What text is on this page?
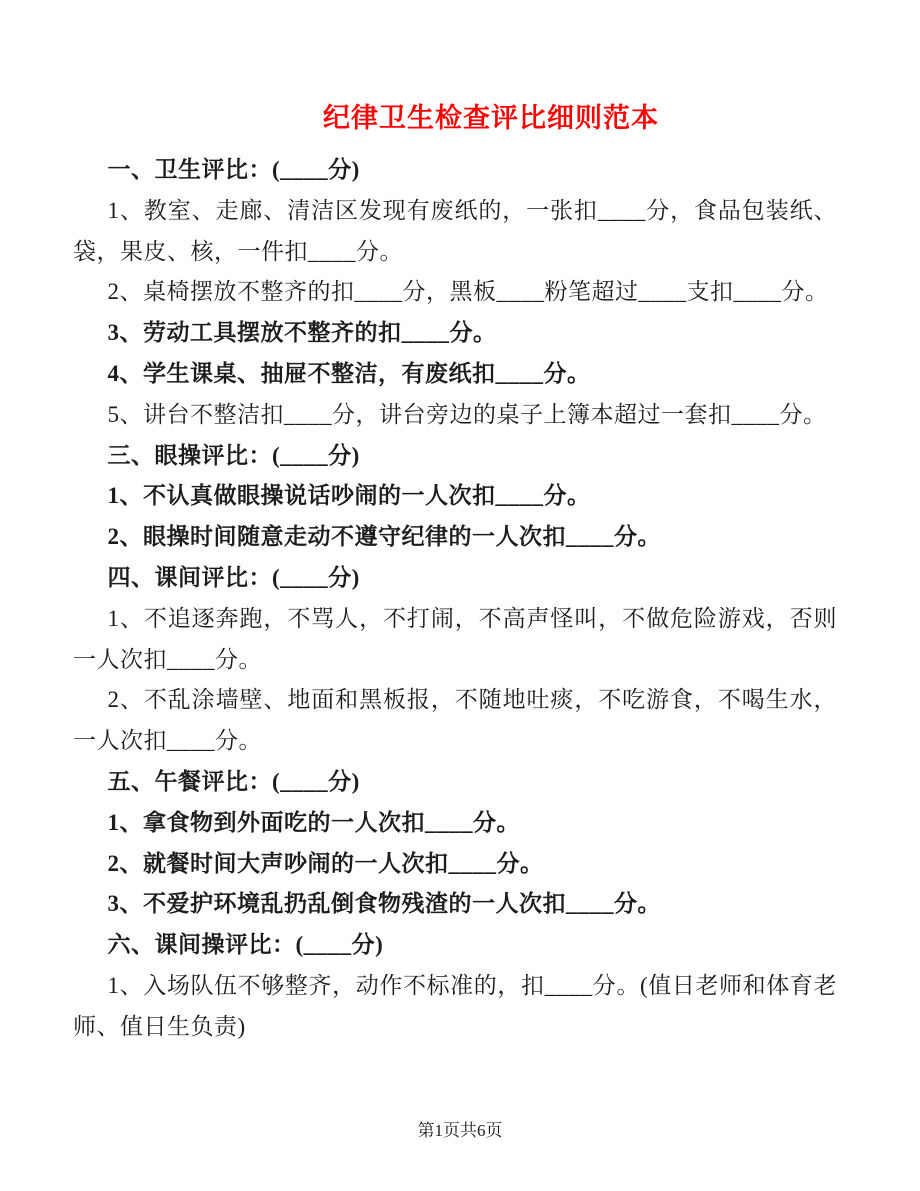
纪律卫生检查评比细则范本

一、卫生评比：(____分)

1、教室、走廊、清洁区发现有废纸的，一张扣____分，食品包装纸、袋，果皮、核，一件扣____分。

2、桌椅摆放不整齐的扣____分，黑板____粉笔超过____支扣____分。

3、劳动工具摆放不整齐的扣____分。

4、学生课桌、抽屉不整洁，有废纸扣____分。

5、讲台不整洁扣____分，讲台旁边的桌子上簿本超过一套扣____分。

三、眼操评比：(____分)

1、不认真做眼操说话吵闹的一人次扣____分。

2、眼操时间随意走动不遵守纪律的一人次扣____分。

四、课间评比：(____分)

1、不追逐奔跑，不骂人，不打闹，不高声怪叫，不做危险游戏，否则一人次扣____分。

2、不乱涂墙壁、地面和黑板报，不随地吐痰，不吃游食，不喝生水，一人次扣____分。

五、午餐评比：(____分)

1、拿食物到外面吃的一人次扣____分。

2、就餐时间大声吵闹的一人次扣____分。

3、不爱护环境乱扔乱倒食物残渣的一人次扣____分。

六、课间操评比：(____分)

1、入场队伍不够整齐，动作不标准的，扣____分。(值日老师和体育老师、值日生负责)

第1页共6页
